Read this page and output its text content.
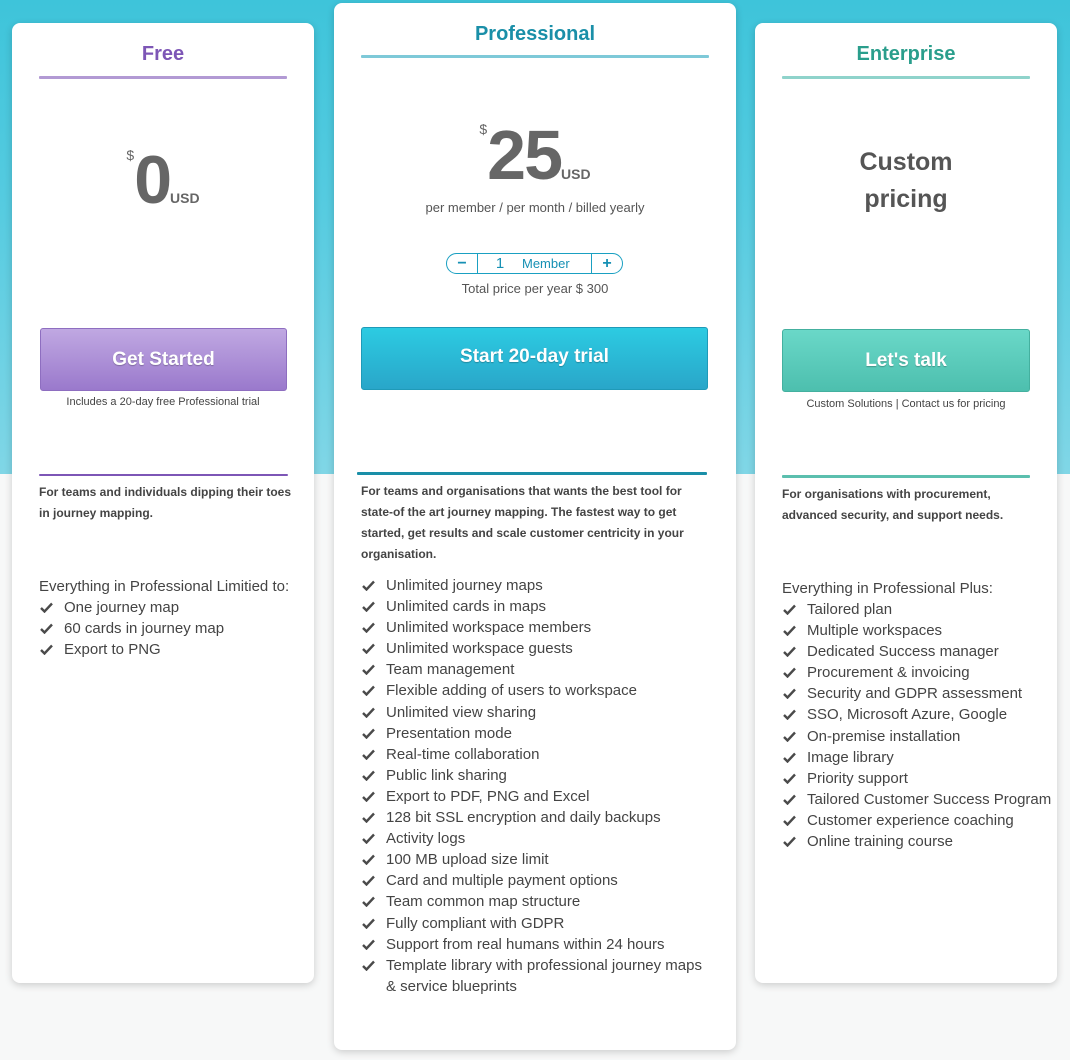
Free
$0USD
Get Started
Includes a 20-day free Professional trial
For teams and individuals dipping their toes in journey mapping.
Everything in Professional Limitied to:
One journey map
60 cards in journey map
Export to PNG
Professional
$25USD
per member / per month / billed yearly
−	1	Member	+
Total price per year $ 300
Start 20-day trial
For teams and organisations that wants the best tool for state-of the art journey mapping. The fastest way to get started, get results and scale customer centricity in your organisation.
Unlimited journey maps
Unlimited cards in maps
Unlimited workspace members
Unlimited workspace guests
Team management
Flexible adding of users to workspace
Unlimited view sharing
Presentation mode
Real-time collaboration
Public link sharing
Export to PDF, PNG and Excel
128 bit SSL encryption and daily backups
Activity logs
100 MB upload size limit
Card and multiple payment options
Team common map structure
Fully compliant with GDPR
Support from real humans within 24 hours
Template library with professional journey maps & service blueprints
Enterprise
Custom
pricing
Let's talk
Custom Solutions | Contact us for pricing
For organisations with procurement, advanced security, and support needs.
Everything in Professional Plus:
Tailored plan
Multiple workspaces
Dedicated Success manager
Procurement & invoicing
Security and GDPR assessment
SSO, Microsoft Azure, Google
On-premise installation
Image library
Priority support
Tailored Customer Success Program
Customer experience coaching
Online training course
